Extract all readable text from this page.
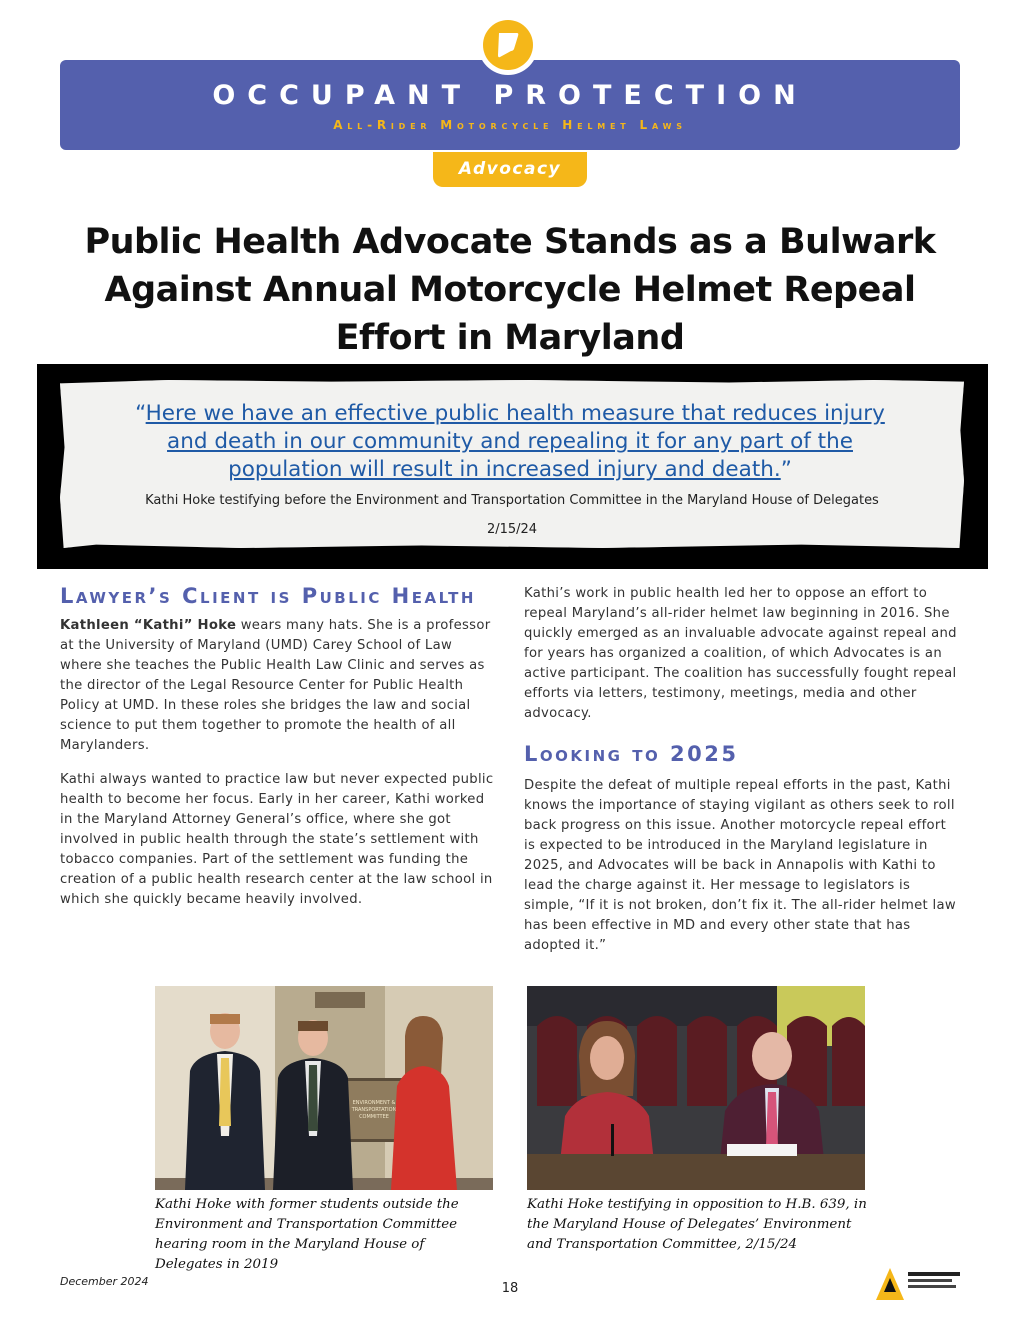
OCCUPANT PROTECTION
All-Rider Motorcycle Helmet Laws
Advocacy
Public Health Advocate Stands as a Bulwark Against Annual Motorcycle Helmet Repeal Effort in Maryland
“Here we have an effective public health measure that reduces injury and death in our community and repealing it for any part of the population will result in increased injury and death.”
Kathi Hoke testifying before the Environment and Transportation Committee in the Maryland House of Delegates
2/15/24
Lawyer’s Client is Public Health

Kathleen “Kathi” Hoke wears many hats. She is a professor at the University of Maryland (UMD) Carey School of Law where she teaches the Public Health Law Clinic and serves as the director of the Legal Resource Center for Public Health Policy at UMD. In these roles she bridges the law and social science to put them together to promote the health of all Marylanders.

Kathi always wanted to practice law but never expected public health to become her focus. Early in her career, Kathi worked in the Maryland Attorney General’s office, where she got involved in public health through the state’s settlement with tobacco companies. Part of the settlement was funding the creation of a public health research center at the law school in which she quickly became heavily involved.

Kathi’s work in public health led her to oppose an effort to repeal Maryland’s all-rider helmet law beginning in 2016. She quickly emerged as an invaluable advocate against repeal and for years has organized a coalition, of which Advocates is an active participant. The coalition has successfully fought repeal efforts via letters, testimony, meetings, media and other advocacy.

Looking to 2025

Despite the defeat of multiple repeal efforts in the past, Kathi knows the importance of staying vigilant as others seek to roll back progress on this issue. Another motorcycle repeal effort is expected to be introduced in the Maryland legislature in 2025, and Advocates will be back in Annapolis with Kathi to lead the charge against it. Her message to legislators is simple, “If it is not broken, don’t fix it. The all-rider helmet law has been effective in MD and every other state that has adopted it.”

ENVIRONMENT &
TRANSPORTATION
COMMITTEE
Kathi Hoke with former students outside the Environment and Transportation Committee hearing room in the Maryland House of Delegates in 2019
Kathi Hoke testifying in opposition to H.B. 639, in the Maryland House of Delegates’ Environment and Transportation Committee, 2/15/24
December 2024	18
